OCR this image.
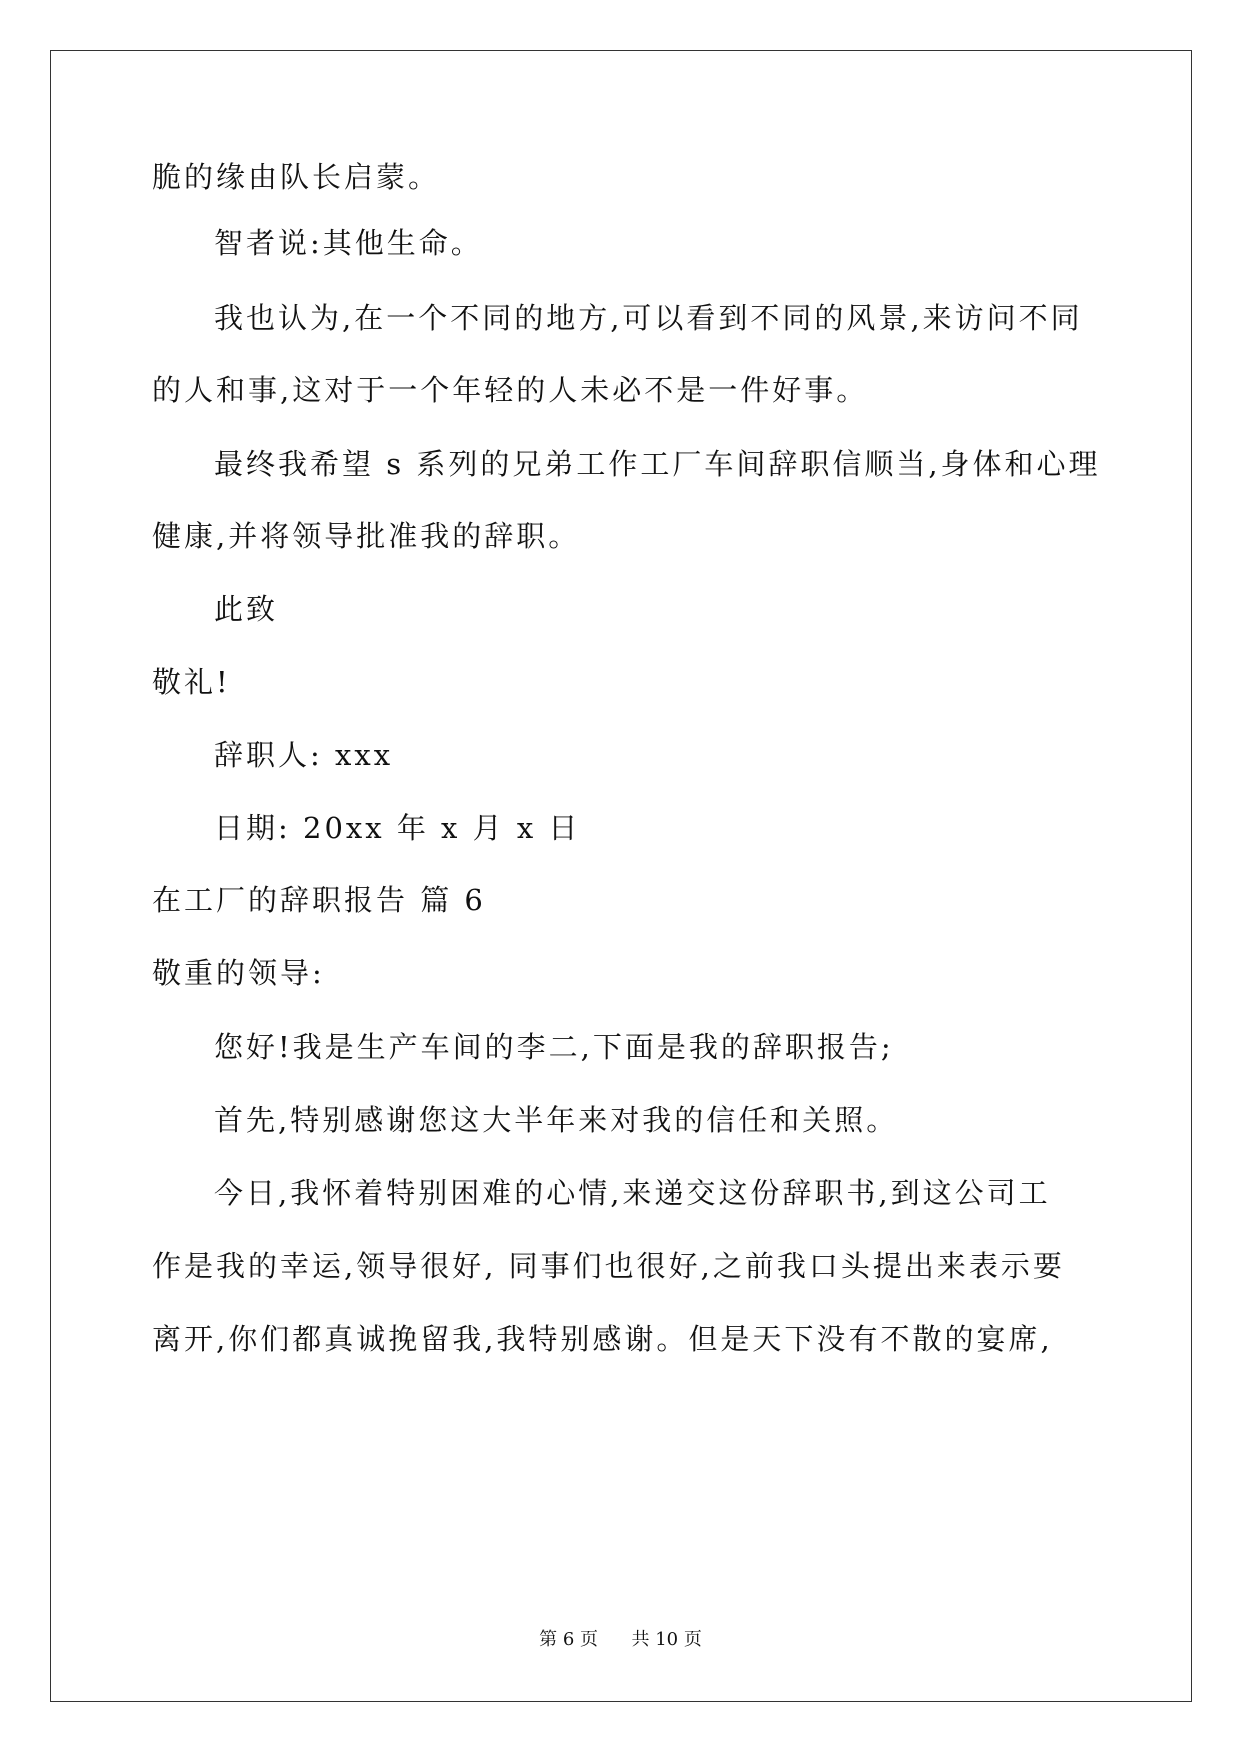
脆的缘由队长启蒙。
智者说:其他生命。
我也认为,在一个不同的地方,可以看到不同的风景,来访问不同
的人和事,这对于一个年轻的人未必不是一件好事。
最终我希望 s 系列的兄弟工作工厂车间辞职信顺当,身体和心理
健康,并将领导批准我的辞职。
此致
敬礼!
辞职人: xxx
日期: 20xx 年 x 月 x 日
在工厂的辞职报告 篇 6
敬重的领导:
您好!我是生产车间的李二,下面是我的辞职报告;
首先,特别感谢您这大半年来对我的信任和关照。
今日,我怀着特别困难的心情,来递交这份辞职书,到这公司工
作是我的幸运,领导很好, 同事们也很好,之前我口头提出来表示要
离开,你们都真诚挽留我,我特别感谢。但是天下没有不散的宴席,
第 6 页 共 10 页
